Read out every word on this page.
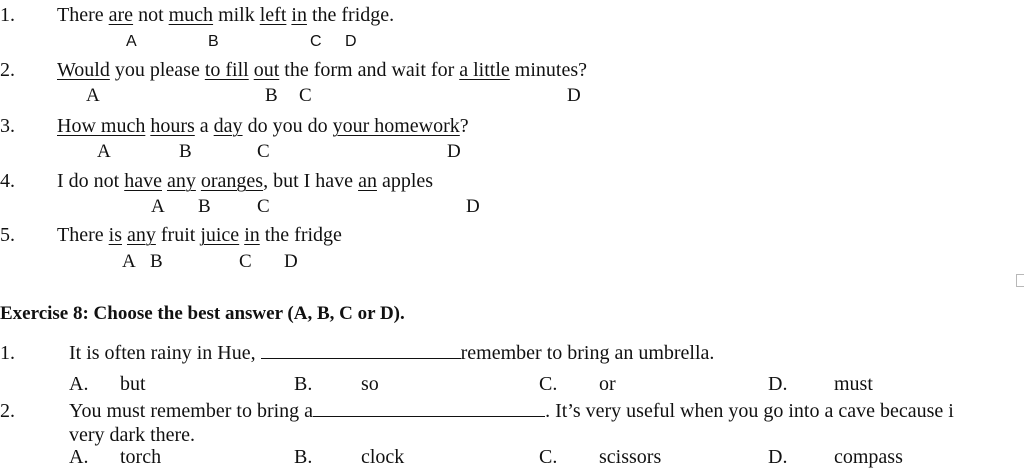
1. There are not much milk left in the fridge.
A	B	C D
2. Would you please to fill out the form and wait for a little minutes?
A	B C	D
3. How much hours a day do you do your homework?
A	B	C	D
4. I do not have any oranges, but I have an apples
A B C	D
5. There is any fruit juice in the fridge
A B	C D
Exercise 8: Choose the best answer (A, B, C or D).
1.	It is often rainy in Hue,	remember to bring an umbrella.
A. but	B. so	C. or	D. must
2.	You must remember to bring a	. It’s very useful when you go into a cave because i
very dark there.
A. torch	B. clock	C. scissors	D. compass
